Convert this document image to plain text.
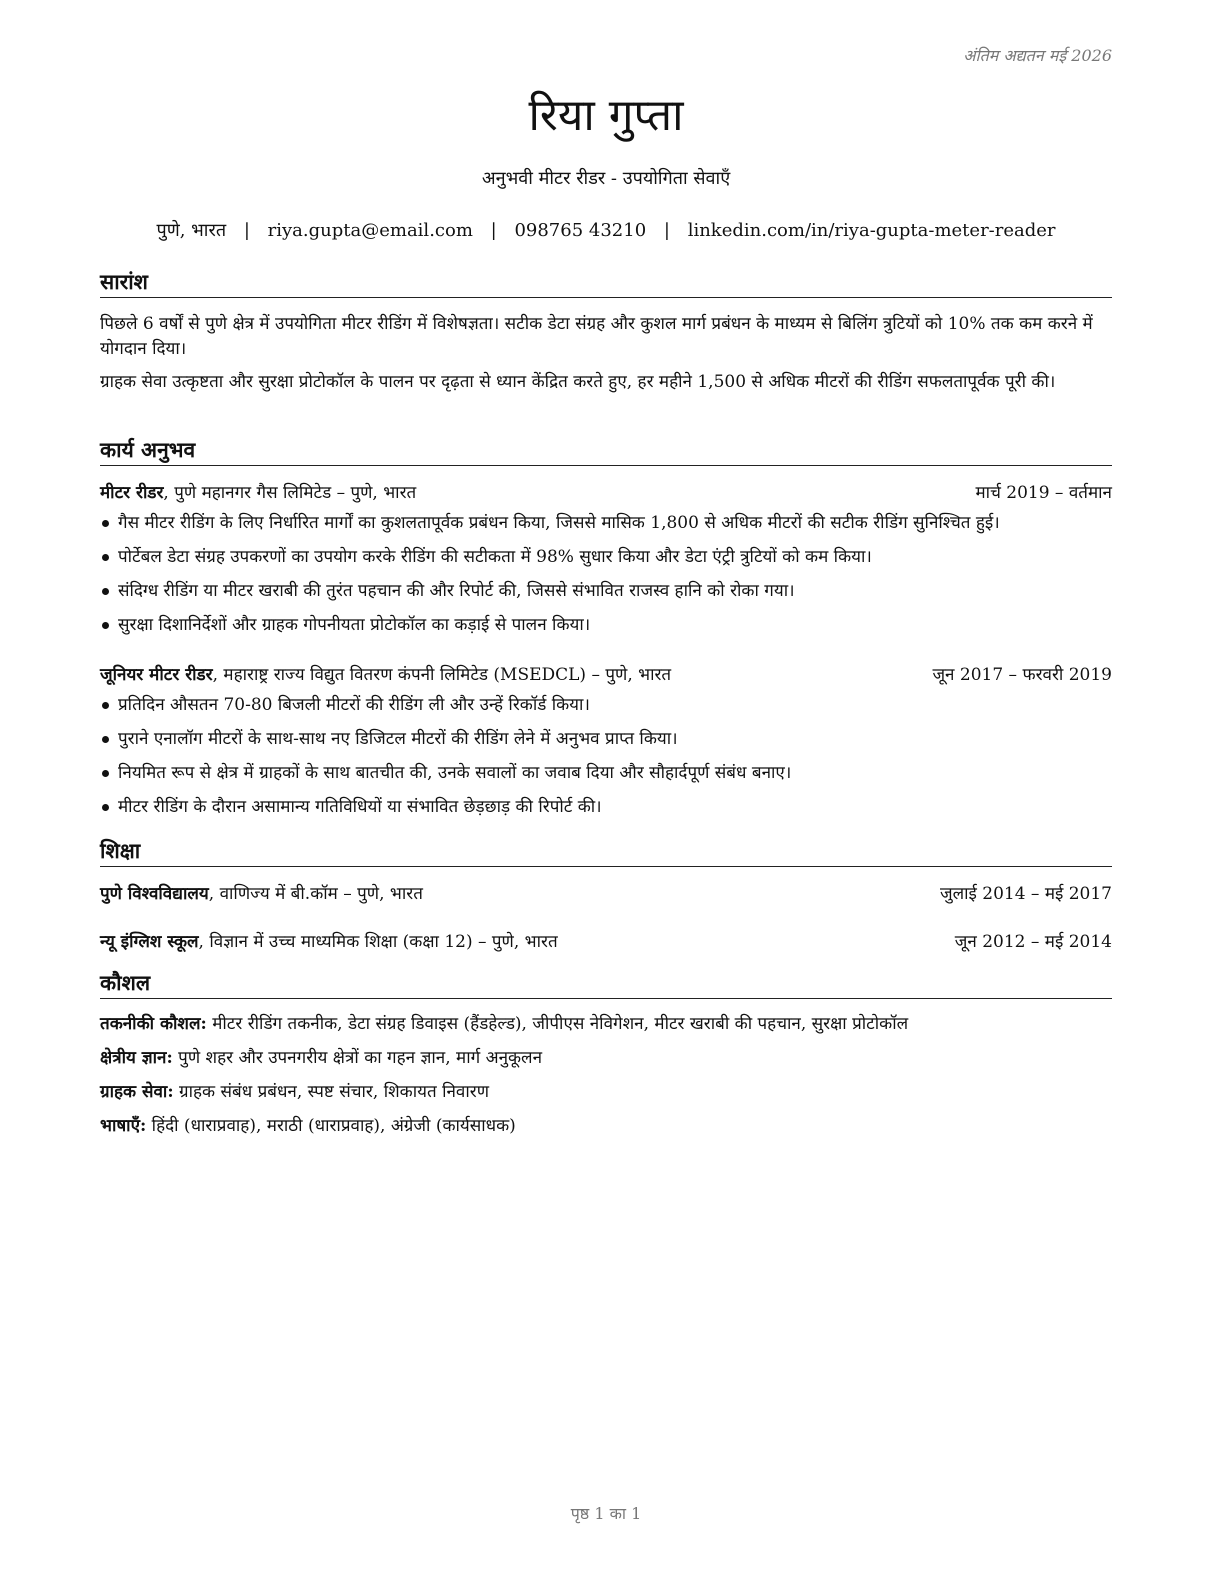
अंतिम अद्यतन मई 2026
रिया गुप्ता
अनुभवी मीटर रीडर - उपयोगिता सेवाएँ
पुणे, भारत | riya.gupta@email.com | 098765 43210 | linkedin.com/in/riya-gupta-meter-reader
सारांश

पिछले 6 वर्षों से पुणे क्षेत्र में उपयोगिता मीटर रीडिंग में विशेषज्ञता। सटीक डेटा संग्रह और कुशल मार्ग प्रबंधन के माध्यम से बिलिंग त्रुटियों को 10% तक कम करने में योगदान दिया।

ग्राहक सेवा उत्कृष्टता और सुरक्षा प्रोटोकॉल के पालन पर दृढ़ता से ध्यान केंद्रित करते हुए, हर महीने 1,500 से अधिक मीटरों की रीडिंग सफलतापूर्वक पूरी की।

कार्य अनुभव
मीटर रीडर, पुणे महानगर गैस लिमिटेड – पुणे, भारत	मार्च 2019 – वर्तमान
गैस मीटर रीडिंग के लिए निर्धारित मार्गों का कुशलतापूर्वक प्रबंधन किया, जिससे मासिक 1,800 से अधिक मीटरों की सटीक रीडिंग सुनिश्चित हुई।
पोर्टेबल डेटा संग्रह उपकरणों का उपयोग करके रीडिंग की सटीकता में 98% सुधार किया और डेटा एंट्री त्रुटियों को कम किया।
संदिग्ध रीडिंग या मीटर खराबी की तुरंत पहचान की और रिपोर्ट की, जिससे संभावित राजस्व हानि को रोका गया।
सुरक्षा दिशानिर्देशों और ग्राहक गोपनीयता प्रोटोकॉल का कड़ाई से पालन किया।
जूनियर मीटर रीडर, महाराष्ट्र राज्य विद्युत वितरण कंपनी लिमिटेड (MSEDCL) – पुणे, भारत	जून 2017 – फरवरी 2019
प्रतिदिन औसतन 70-80 बिजली मीटरों की रीडिंग ली और उन्हें रिकॉर्ड किया।
पुराने एनालॉग मीटरों के साथ-साथ नए डिजिटल मीटरों की रीडिंग लेने में अनुभव प्राप्त किया।
नियमित रूप से क्षेत्र में ग्राहकों के साथ बातचीत की, उनके सवालों का जवाब दिया और सौहार्दपूर्ण संबंध बनाए।
मीटर रीडिंग के दौरान असामान्य गतिविधियों या संभावित छेड़छाड़ की रिपोर्ट की।
शिक्षा
पुणे विश्वविद्यालय, वाणिज्य में बी.कॉम – पुणे, भारत	जुलाई 2014 – मई 2017
न्यू इंग्लिश स्कूल, विज्ञान में उच्च माध्यमिक शिक्षा (कक्षा 12) – पुणे, भारत	जून 2012 – मई 2014
कौशल
तकनीकी कौशल: मीटर रीडिंग तकनीक, डेटा संग्रह डिवाइस (हैंडहेल्ड), जीपीएस नेविगेशन, मीटर खराबी की पहचान, सुरक्षा प्रोटोकॉल
क्षेत्रीय ज्ञान: पुणे शहर और उपनगरीय क्षेत्रों का गहन ज्ञान, मार्ग अनुकूलन
ग्राहक सेवा: ग्राहक संबंध प्रबंधन, स्पष्ट संचार, शिकायत निवारण
भाषाएँ: हिंदी (धाराप्रवाह), मराठी (धाराप्रवाह), अंग्रेजी (कार्यसाधक)
पृष्ठ 1 का 1
